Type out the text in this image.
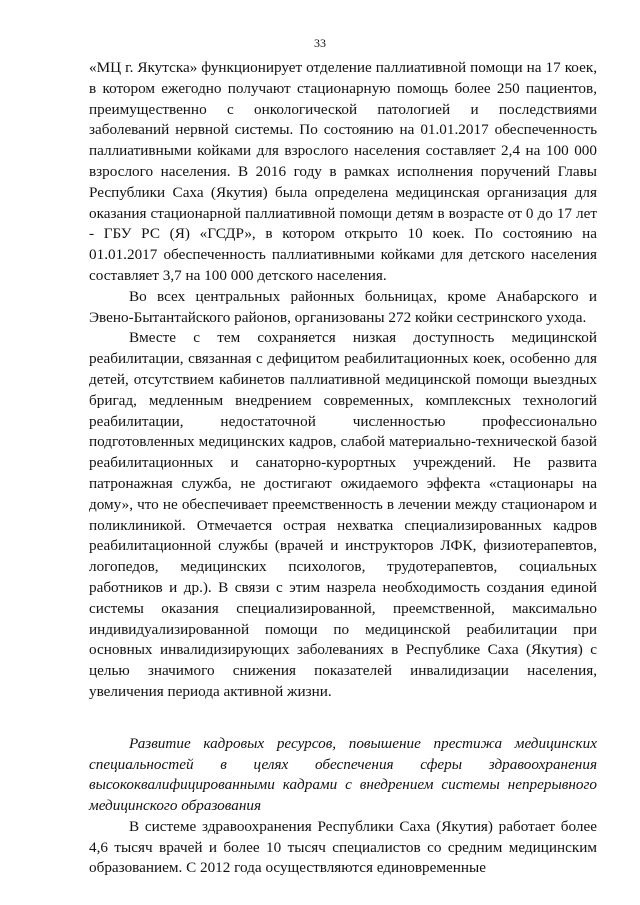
33

«МЦ г. Якутска» функционирует отделение паллиативной помощи на 17 коек, в котором ежегодно получают стационарную помощь более 250 пациентов, преимущественно с онкологической патологией и последствиями заболеваний нервной системы. По состоянию на 01.01.2017 обеспеченность паллиативными койками для взрослого населения составляет 2,4 на 100 000 взрослого населения. В 2016 году в рамках исполнения поручений Главы Республики Саха (Якутия) была определена медицинская организация для оказания стационарной паллиативной помощи детям в возрасте от 0 до 17 лет - ГБУ РС (Я) «ГСДР», в котором открыто 10 коек. По состоянию на 01.01.2017 обеспеченность паллиативными койками для детского населения составляет 3,7 на 100 000 детского населения.

Во всех центральных районных больницах, кроме Анабарского и Эвено-Бытантайского районов, организованы 272 койки сестринского ухода.

Вместе с тем сохраняется низкая доступность медицинской реабилитации, связанная с дефицитом реабилитационных коек, особенно для детей, отсутствием кабинетов паллиативной медицинской помощи выездных бригад, медленным внедрением современных, комплексных технологий реабилитации, недостаточной численностью профессионально подготовленных медицинских кадров, слабой материально-технической базой реабилитационных и санаторно-курортных учреждений. Не развита патронажная служба, не достигают ожидаемого эффекта «стационары на дому», что не обеспечивает преемственность в лечении между стационаром и поликлиникой. Отмечается острая нехватка специализированных кадров реабилитационной службы (врачей и инструкторов ЛФК, физиотерапевтов, логопедов, медицинских психологов, трудотерапевтов, социальных работников и др.). В связи с этим назрела необходимость создания единой системы оказания специализированной, преемственной, максимально индивидуализированной помощи по медицинской реабилитации при основных инвалидизирующих заболеваниях в Республике Саха (Якутия) с целью значимого снижения показателей инвалидизации населения, увеличения периода активной жизни.

Развитие кадровых ресурсов, повышение престижа медицинских специальностей в целях обеспечения сферы здравоохранения высококвалифицированными кадрами с внедрением системы непрерывного медицинского образования

В системе здравоохранения Республики Саха (Якутия) работает более 4,6 тысяч врачей и более 10 тысяч специалистов со средним медицинским образованием. С 2012 года осуществляются единовременные
